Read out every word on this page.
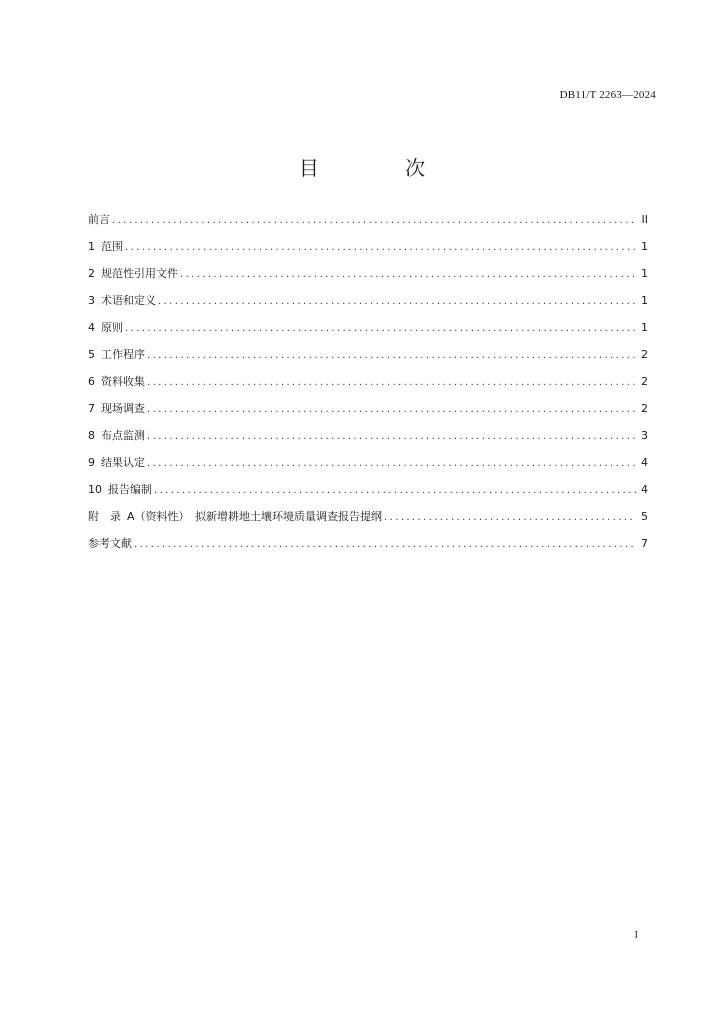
DB11/T 2263—2024
目 次
前言 .....	II
1 范围 .....	1
2 规范性引用文件 .....	1
3 术语和定义 .....	1
4 原则 .....	1
5 工作程序 .....	2
6 资料收集 .....	2
7 现场调查 .....	2
8 布点监测 .....	3
9 结果认定 .....	4
10 报告编制 .....	4
附　录 A（资料性）　拟新增耕地土壤环境质量调查报告提纲 .....	5
参考文献 .....	7
I
